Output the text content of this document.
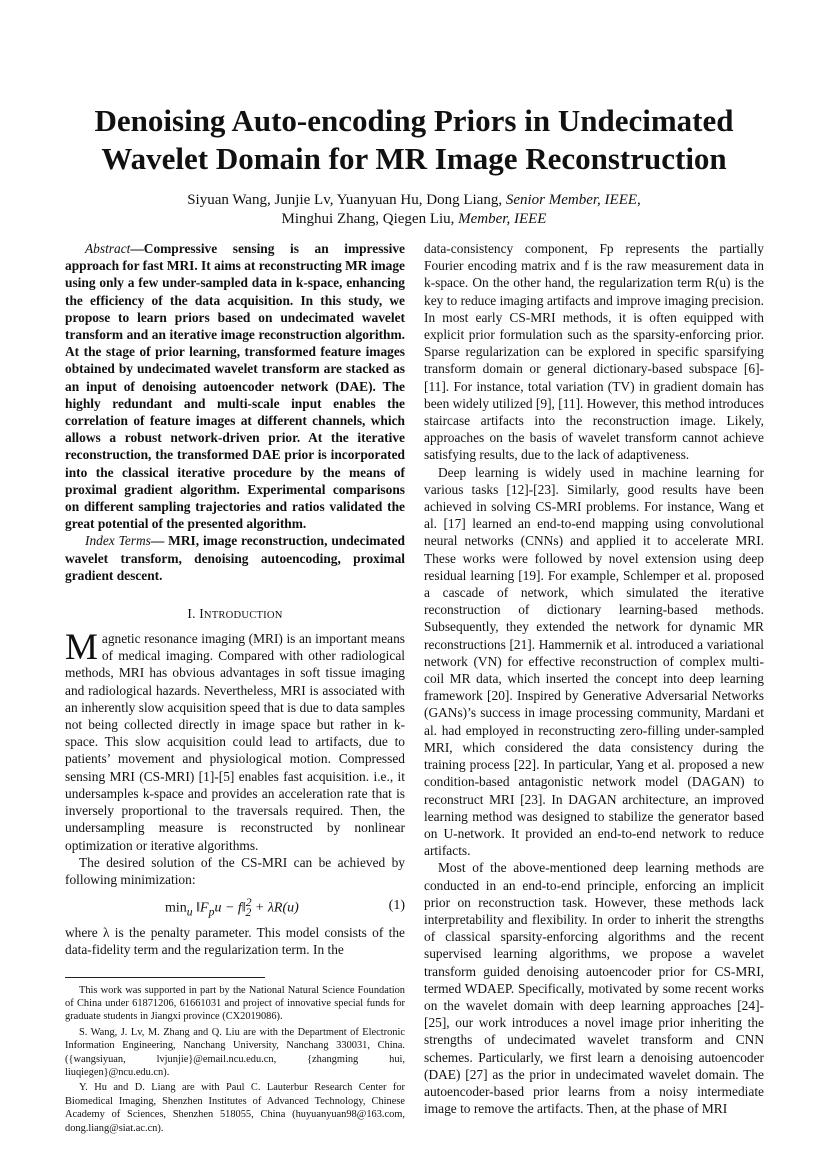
Denoising Auto-encoding Priors in Undecimated Wavelet Domain for MR Image Reconstruction
Siyuan Wang, Junjie Lv, Yuanyuan Hu, Dong Liang, Senior Member, IEEE,
Minghui Zhang, Qiegen Liu, Member, IEEE

Abstract—Compressive sensing is an impressive approach for fast MRI. It aims at reconstructing MR image using only a few under-sampled data in k-space, enhancing the efficiency of the data acquisition. In this study, we propose to learn priors based on undecimated wavelet transform and an iterative image reconstruction algorithm. At the stage of prior learning, transformed feature images obtained by undecimated wavelet transform are stacked as an input of denoising autoencoder network (DAE). The highly redundant and multi-scale input enables the correlation of feature images at different channels, which allows a robust network-driven prior. At the iterative reconstruction, the transformed DAE prior is incorporated into the classical iterative procedure by the means of proximal gradient algorithm. Experimental comparisons on different sampling trajectories and ratios validated the great potential of the presented algorithm.

Index Terms— MRI, image reconstruction, undecimated wavelet transform, denoising autoencoding, proximal gradient descent.

I. INTRODUCTION

Magnetic resonance imaging (MRI) is an important means of medical imaging. Compared with other radiological methods, MRI has obvious advantages in soft tissue imaging and radiological hazards. Nevertheless, MRI is associated with an inherently slow acquisition speed that is due to data samples not being collected directly in image space but rather in k-space. This slow acquisition could lead to artifacts, due to patients’ movement and physiological motion. Compressed sensing MRI (CS-MRI) [1]-[5] enables fast acquisition. i.e., it undersamples k-space and provides an acceleration rate that is inversely proportional to the traversals required. Then, the undersampling measure is reconstructed by nonlinear optimization or iterative algorithms.

The desired solution of the CS-MRI can be achieved by following minimization:

$\min_u$ $‖F_pu$ − f‖$^2_2$ + λR(u)	(1)

where λ is the penalty parameter. This model consists of the data-fidelity term and the regularization term. In the

This work was supported in part by the National Natural Science Foundation of China under 61871206, 61661031 and project of innovative special funds for graduate students in Jiangxi province (CX2019086).

S. Wang, J. Lv, M. Zhang and Q. Liu are with the Department of Electronic Information Engineering, Nanchang University, Nanchang 330031, China. ({wangsiyuan, lvjunjie}@email.ncu.edu.cn, {zhangming hui, liuqiegen}@ncu.edu.cn).

Y. Hu and D. Liang are with Paul C. Lauterbur Research Center for Biomedical Imaging, Shenzhen Institutes of Advanced Technology, Chinese Academy of Sciences, Shenzhen 518055, China (huyuanyuan98@163.com, dong.liang@siat.ac.cn).

data-consistency component, Fp represents the partially Fourier encoding matrix and f is the raw measurement data in k-space. On the other hand, the regularization term R(u) is the key to reduce imaging artifacts and improve imaging precision. In most early CS-MRI methods, it is often equipped with explicit prior formulation such as the sparsity-enforcing prior. Sparse regularization can be explored in specific sparsifying transform domain or general dictionary-based subspace [6]-[11]. For instance, total variation (TV) in gradient domain has been widely utilized [9], [11]. However, this method introduces staircase artifacts into the reconstruction image. Likely, approaches on the basis of wavelet transform cannot achieve satisfying results, due to the lack of adaptiveness.

Deep learning is widely used in machine learning for various tasks [12]-[23]. Similarly, good results have been achieved in solving CS-MRI problems. For instance, Wang et al. [17] learned an end-to-end mapping using convolutional neural networks (CNNs) and applied it to accelerate MRI. These works were followed by novel extension using deep residual learning [19]. For example, Schlemper et al. proposed a cascade of network, which simulated the iterative reconstruction of dictionary learning-based methods. Subsequently, they extended the network for dynamic MR reconstructions [21]. Hammernik et al. introduced a variational network (VN) for effective reconstruction of complex multi-coil MR data, which inserted the concept into deep learning framework [20]. Inspired by Generative Adversarial Networks (GANs)’s success in image processing community, Mardani et al. had employed in reconstructing zero-filling under-sampled MRI, which considered the data consistency during the training process [22]. In particular, Yang et al. proposed a new condition-based antagonistic network model (DAGAN) to reconstruct MRI [23]. In DAGAN architecture, an improved learning method was designed to stabilize the generator based on U-network. It provided an end-to-end network to reduce artifacts.

Most of the above-mentioned deep learning methods are conducted in an end-to-end principle, enforcing an implicit prior on reconstruction task. However, these methods lack interpretability and flexibility. In order to inherit the strengths of classical sparsity-enforcing algorithms and the recent supervised learning algorithms, we propose a wavelet transform guided denoising autoencoder prior for CS-MRI, termed WDAEP. Specifically, motivated by some recent works on the wavelet domain with deep learning approaches [24]-[25], our work introduces a novel image prior inheriting the strengths of undecimated wavelet transform and CNN schemes. Particularly, we first learn a denoising autoencoder (DAE) [27] as the prior in undecimated wavelet domain. The autoencoder-based prior learns from a noisy intermediate image to remove the artifacts. Then, at the phase of MRI
